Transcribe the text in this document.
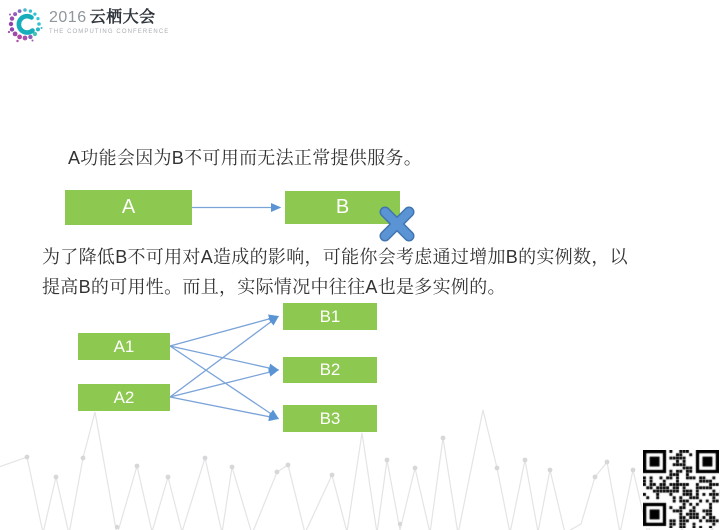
2016 云栖大会
THE COMPUTING CONFERENCE
A功能会因为B不可用而无法正常提供服务。
A	B
为了降低B不可用对A造成的影响，可能你会考虑通过增加B的实例数，以
提高B的可用性。而且，实际情况中往往A也是多实例的。
A1
A2
B1
B2
B3
